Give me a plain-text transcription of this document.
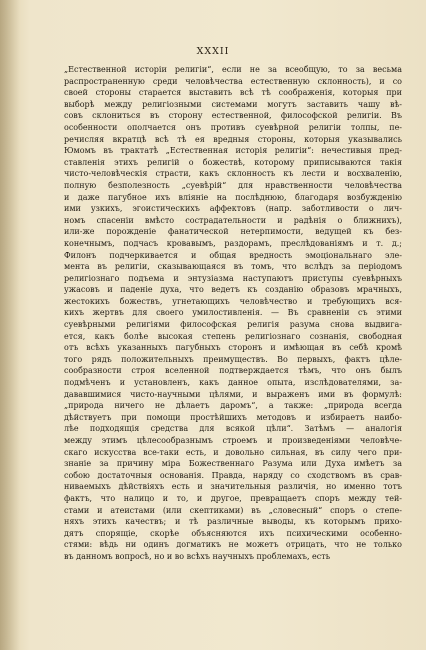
XXXII
„Естественной исторіи религіи“, если не за всеобщую, то за весьма
распространенную среди человѣчества естественную склонность), и со
своей стороны старается выставить всѣ тѣ соображенія, которыя при
выборѣ между религіозными системами могутъ заставить чашу вѣ-
совъ склониться въ сторону естественной, философской религіи. Въ
особенности ополчается онъ противъ суевѣрной религіи толпы, пе-
речисляя вкратцѣ всѣ тѣ ея вредныя стороны, которыя указывались
Юмомъ въ трактатѣ „Естественная исторія религіи“: нечестивыя пред-
ставленія этихъ религій о божествѣ, которому приписываются такія
чисто-человѣческія страсти, какъ склонность къ лести и восхваленію,
полную безполезность „суевѣрій“ для нравственности человѣчества
и даже пагубное ихъ вліяніе на послѣднюю, благодаря возбужденію
ими узкихъ, эгоистическихъ аффектовъ (напр. заботливости о лич-
номъ спасеніи вмѣсто сострадательности и радѣнія о ближнихъ),
или-же порожденіе фанатической нетерпимости, ведущей къ без-
конечнымъ, подчасъ кровавымъ, раздорамъ, преслѣдованіямъ и т. д.;
Филонъ подчеркивается и общая вредность эмоціональнаго эле-
мента въ религіи, сказывающаяся въ томъ, что вслѣдъ за періодомъ
религіознаго подъема и энтузіазма наступаютъ приступы суевѣрныхъ
ужасовъ и паденіе духа, что ведетъ къ созданію образовъ мрачныхъ,
жестокихъ божествъ, угнетающихъ человѣчество и требующихъ вся-
кихъ жертвъ для своего умилостивленія. — Въ сравненіи съ этими
суевѣрными религіями философская религія разума снова выдвига-
ется, какъ болѣе высокая степень религіознаго сознанія, свободная
отъ всѣхъ указанныхъ пагубныхъ сторонъ и имѣющая въ себѣ кромѣ
того рядъ положительныхъ преимуществъ. Во первыхъ, фактъ цѣле-
сообразности строя вселенной подтверждается тѣмъ, что онъ былъ
подмѣченъ и установленъ, какъ данное опыта, изслѣдователями, за-
дававшимися чисто-научными цѣлями, и выраженъ ими въ формулѣ:
„природа ничего не дѣлаетъ даромъ“, а также: „природа всегда
дѣйствуетъ при помощи простѣйшихъ методовъ и избираетъ наибо-
лѣе подходящія средства для всякой цѣли“. Затѣмъ — аналогія
между этимъ цѣлесообразнымъ строемъ и произведеніями человѣче-
скаго искусства все-таки есть, и довольно сильная, въ силу чего при-
знаніе за причину міра Божественнаго Разума или Духа имѣетъ за
собою достаточныя основанія. Правда, наряду со сходствомъ въ срав-
ниваемыхъ дѣйствіяхъ есть и значительныя различія, но именно тотъ
фактъ, что налицо и то, и другое, превращаетъ споръ между тей-
стами и атеистами (или скептиками) въ „словесный“ споръ о степе-
няхъ этихъ качествъ; и тѣ различные выводы, къ которымъ прихо-
дятъ спорящіе, скорѣе объясняются ихъ психическими особенно-
стями: вѣдь ни одинъ догматикъ не можетъ отрицать, что не только
въ данномъ вопросѣ, но и во всѣхъ научныхъ проблемахъ, есть
